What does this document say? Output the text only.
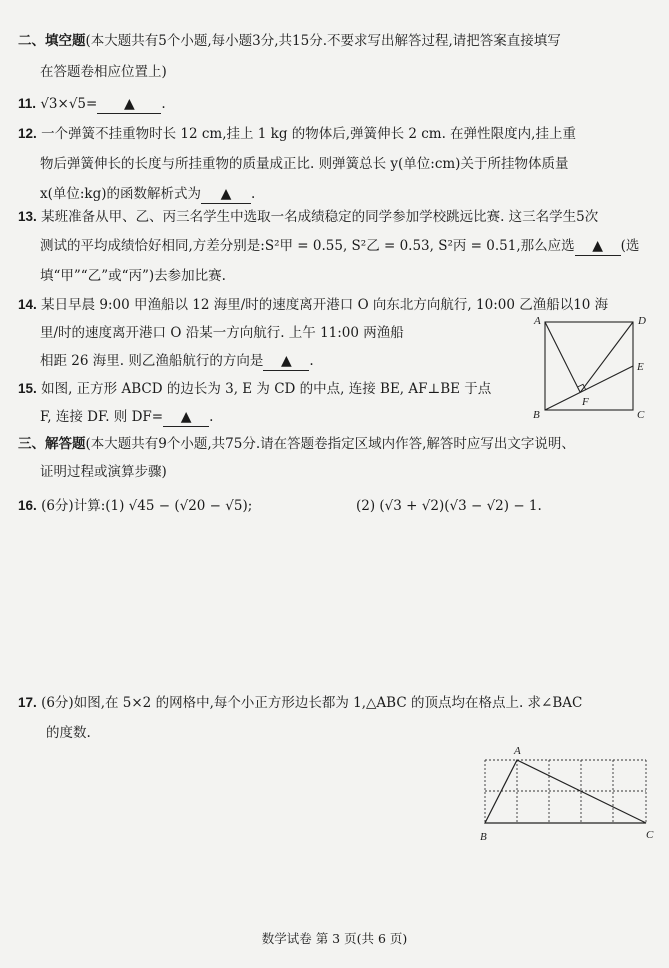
二、填空题(本大题共有5个小题,每小题3分,共15分.不要求写出解答过程,请把答案直接填写
在答题卷相应位置上)
11. √3×√5= ▲ .
12. 一个弹簧不挂重物时长 12 cm,挂上 1 kg 的物体后,弹簧伸长 2 cm. 在弹性限度内,挂上重
物后弹簧伸长的长度与所挂重物的质量成正比. 则弹簧总长 y(单位:cm)关于所挂物体质量
x(单位:kg)的函数解析式为 ▲ .
13. 某班准备从甲、乙、丙三名学生中选取一名成绩稳定的同学参加学校跳远比赛. 这三名学生5次
测试的平均成绩恰好相同,方差分别是:S²甲 = 0.55, S²乙 = 0.53, S²丙 = 0.51,那么应选 ▲ (选
填“甲”“乙”或“丙”)去参加比赛.
14. 某日早晨 9:00 甲渔船以 12 海里/时的速度离开港口 O 向东北方向航行, 10:00 乙渔船以10 海
里/时的速度离开港口 O 沿某一方向航行. 上午 11:00 两渔船
相距 26 海里. 则乙渔船航行的方向是 ▲ .
15. 如图, 正方形 ABCD 的边长为 3, E 为 CD 的中点, 连接 BE, AF⊥BE 于点
F, 连接 DF. 则 DF= ▲ .
A	D
E
B	C
F
三、解答题(本大题共有9个小题,共75分.请在答题卷指定区域内作答,解答时应写出文字说明、
证明过程或演算步骤)
16. (6分)计算:(1) √45 − (√20 − √5);	(2) (√3 + √2)(√3 − √2) − 1.
17. (6分)如图,在 5×2 的网格中,每个小正方形边长都为 1,△ABC 的顶点均在格点上. 求∠BAC
的度数.
A
B	C
数学试卷 第 3 页(共 6 页)
